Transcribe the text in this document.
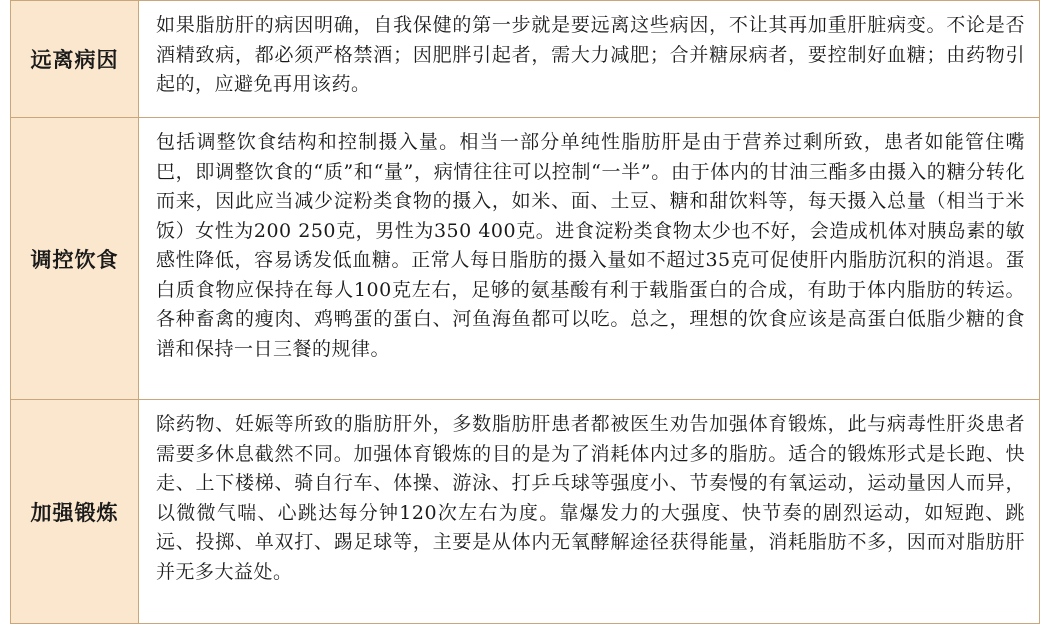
远离病因

如果脂肪肝的病因明确，自我保健的第一步就是要远离这些病因，不让其再加重肝脏病变。不论是否酒精致病，都必须严格禁酒；因肥胖引起者，需大力减肥；合并糖尿病者，要控制好血糖；由药物引起的，应避免再用该药。

调控饮食

包括调整饮食结构和控制摄入量。相当一部分单纯性脂肪肝是由于营养过剩所致，患者如能管住嘴巴，即调整饮食的“质”和“量”，病情往往可以控制“一半”。由于体内的甘油三酯多由摄入的糖分转化而来，因此应当减少淀粉类食物的摄入，如米、面、土豆、糖和甜饮料等，每天摄入总量（相当于米饭）女性为200 250克，男性为350 400克。进食淀粉类食物太少也不好，会造成机体对胰岛素的敏感性降低，容易诱发低血糖。正常人每日脂肪的摄入量如不超过35克可促使肝内脂肪沉积的消退。蛋白质食物应保持在每人100克左右，足够的氨基酸有利于载脂蛋白的合成，有助于体内脂肪的转运。各种畜禽的瘦肉、鸡鸭蛋的蛋白、河鱼海鱼都可以吃。总之，理想的饮食应该是高蛋白低脂少糖的食谱和保持一日三餐的规律。

加强锻炼

除药物、妊娠等所致的脂肪肝外，多数脂肪肝患者都被医生劝告加强体育锻炼，此与病毒性肝炎患者需要多休息截然不同。加强体育锻炼的目的是为了消耗体内过多的脂肪。适合的锻炼形式是长跑、快走、上下楼梯、骑自行车、体操、游泳、打乒乓球等强度小、节奏慢的有氧运动，运动量因人而异，以微微气喘、心跳达每分钟120次左右为度。靠爆发力的大强度、快节奏的剧烈运动，如短跑、跳远、投掷、单双打、踢足球等，主要是从体内无氧酵解途径获得能量，消耗脂肪不多，因而对脂肪肝并无多大益处。
